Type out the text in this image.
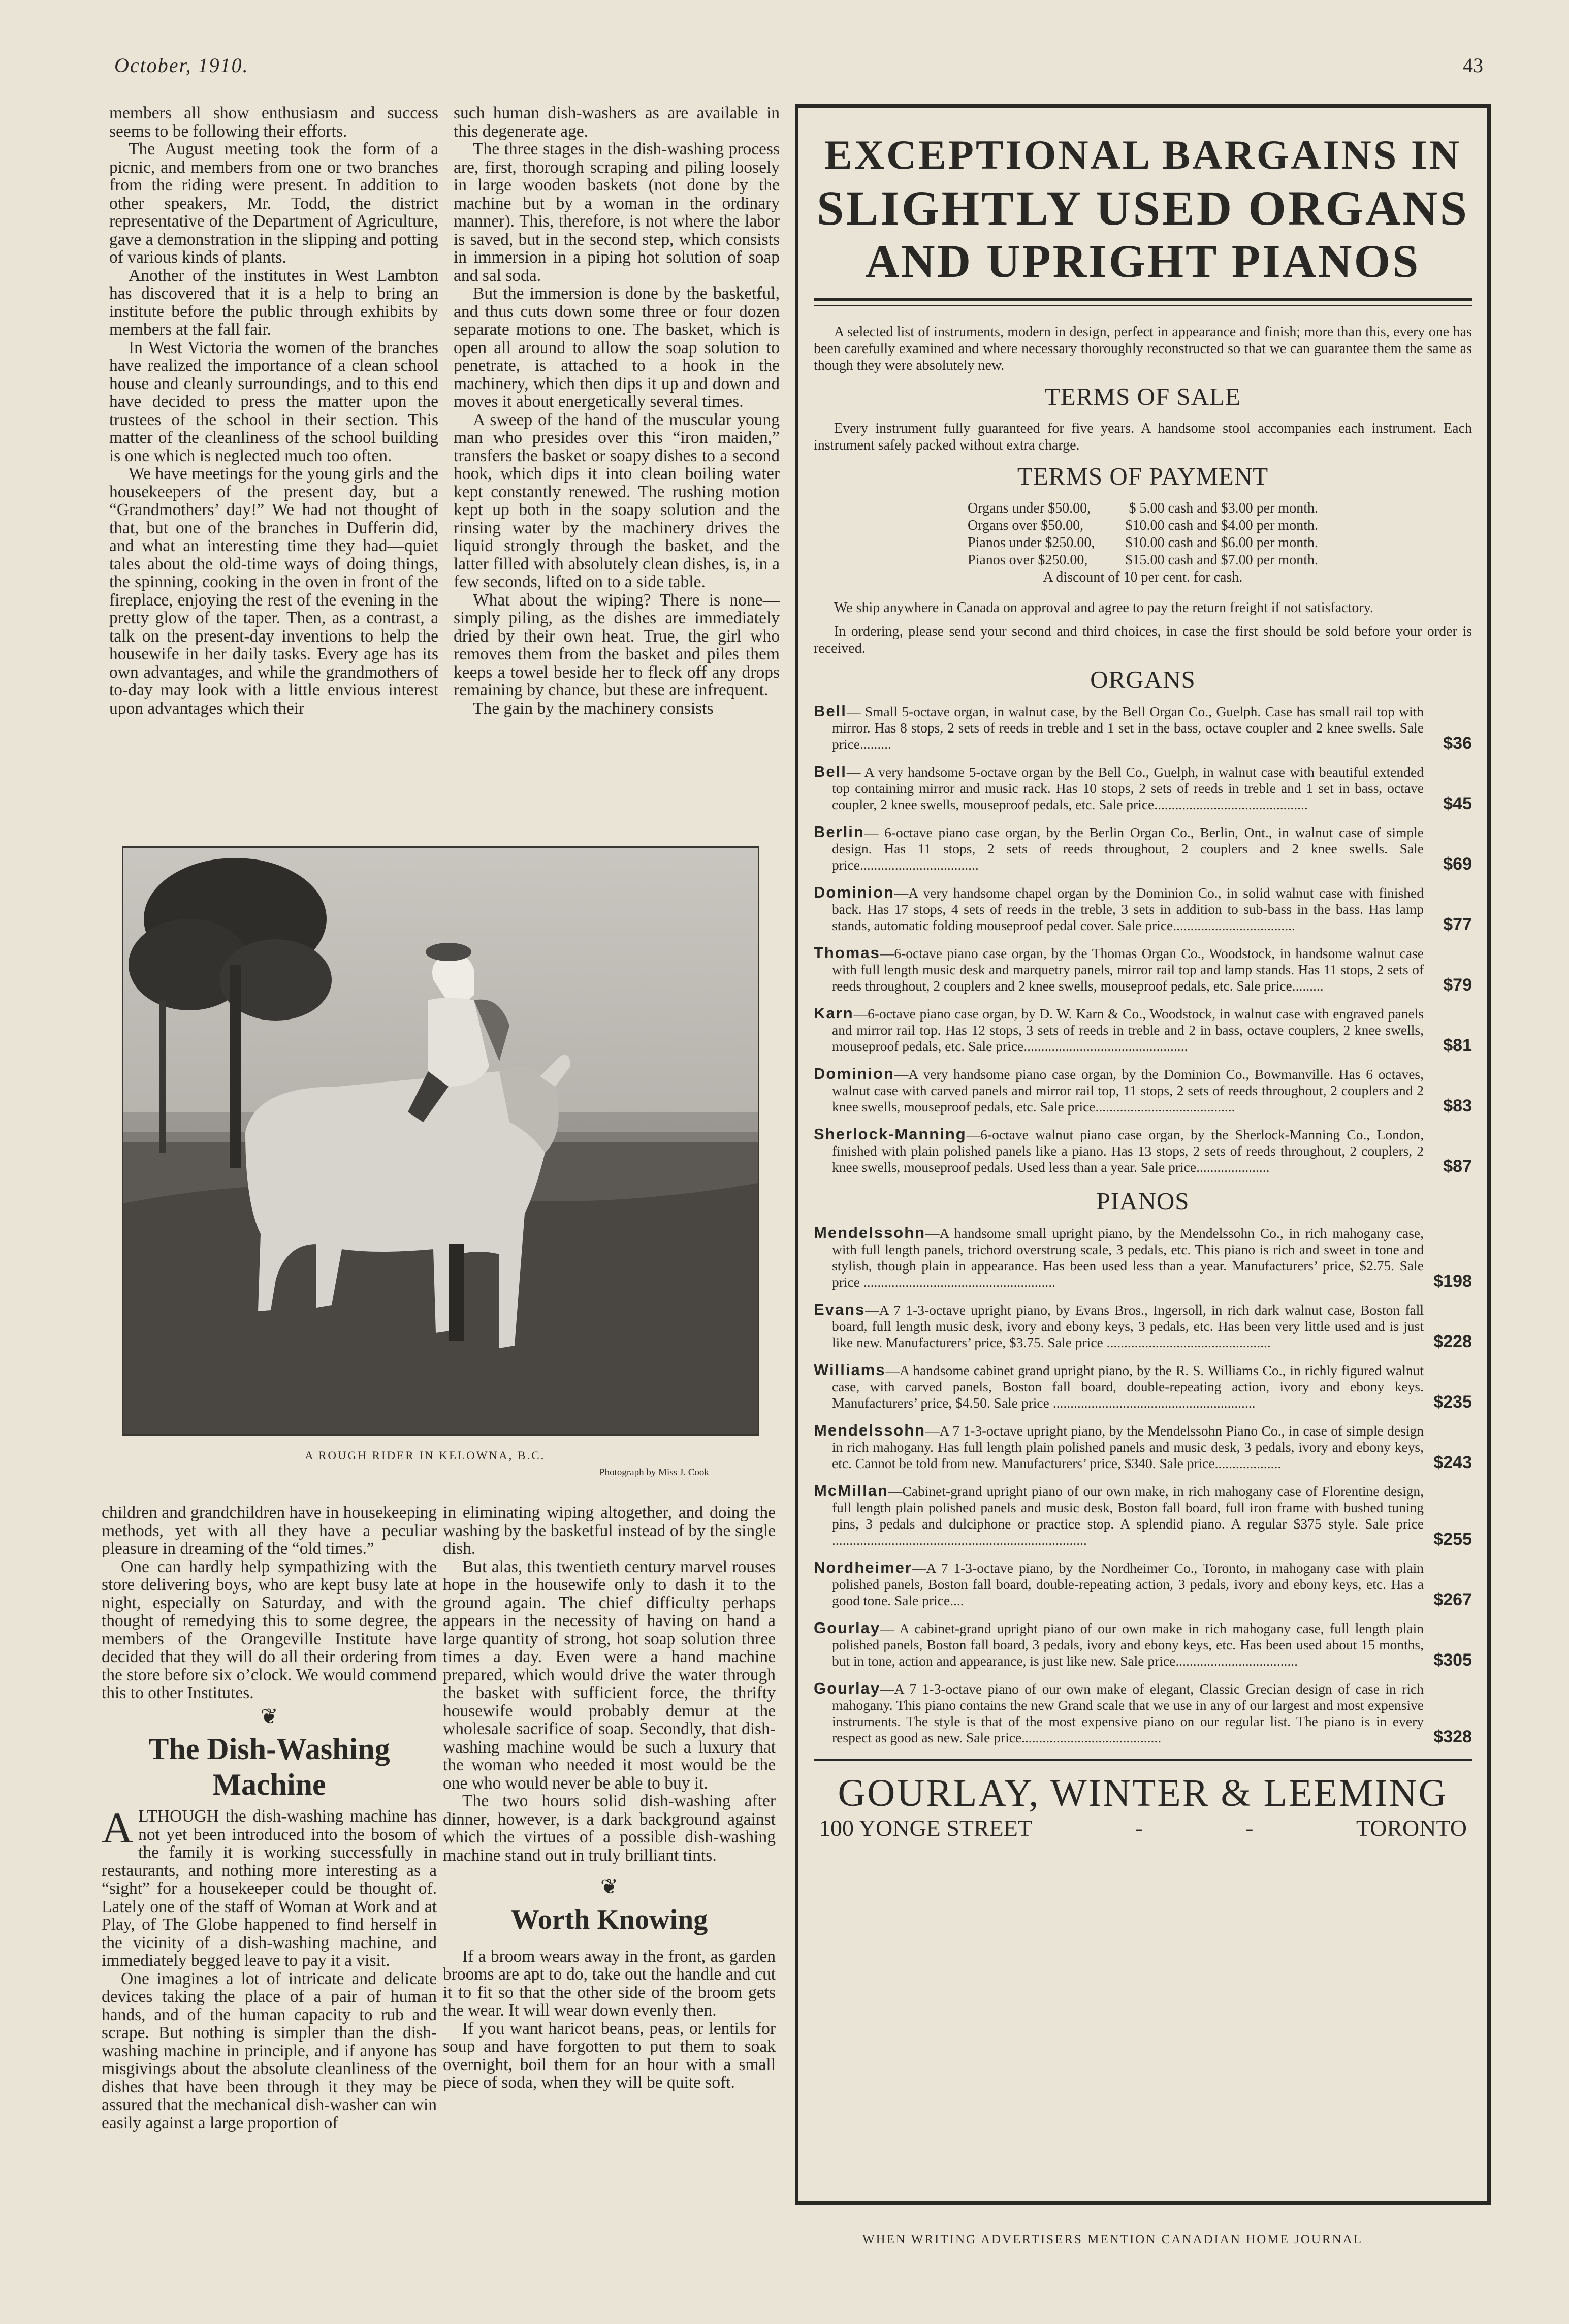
October, 1910.	43

members all show enthusiasm and success seems to be following their efforts.

The August meeting took the form of a picnic, and members from one or two branches from the riding were present. In addition to other speakers, Mr. Todd, the district representative of the Department of Agriculture, gave a demonstration in the slipping and potting of various kinds of plants.

Another of the institutes in West Lambton has discovered that it is a help to bring an institute before the public through exhibits by members at the fall fair.

In West Victoria the women of the branches have realized the importance of a clean school house and cleanly surroundings, and to this end have decided to press the matter upon the trustees of the school in their section. This matter of the cleanliness of the school building is one which is neglected much too often.

We have meetings for the young girls and the housekeepers of the present day, but a “Grandmothers’ day!” We had not thought of that, but one of the branches in Dufferin did, and what an interesting time they had—quiet tales about the old-time ways of doing things, the spinning, cooking in the oven in front of the fireplace, enjoying the rest of the evening in the pretty glow of the taper. Then, as a contrast, a talk on the present-day inventions to help the housewife in her daily tasks. Every age has its own advantages, and while the grandmothers of to-day may look with a little envious interest upon advantages which their

such human dish-washers as are available in this degenerate age.

The three stages in the dish-washing process are, first, thorough scraping and piling loosely in large wooden baskets (not done by the machine but by a woman in the ordinary manner). This, therefore, is not where the labor is saved, but in the second step, which consists in immersion in a piping hot solution of soap and sal soda.

But the immersion is done by the basketful, and thus cuts down some three or four dozen separate motions to one. The basket, which is open all around to allow the soap solution to penetrate, is attached to a hook in the machinery, which then dips it up and down and moves it about energetically several times.

A sweep of the hand of the muscular young man who presides over this “iron maiden,” transfers the basket or soapy dishes to a second hook, which dips it into clean boiling water kept constantly renewed. The rushing motion kept up both in the soapy solution and the rinsing water by the machinery drives the liquid strongly through the basket, and the latter filled with absolutely clean dishes, is, in a few seconds, lifted on to a side table.

What about the wiping? There is none—simply piling, as the dishes are immediately dried by their own heat. True, the girl who removes them from the basket and piles them keeps a towel beside her to fleck off any drops remaining by chance, but these are infrequent.

The gain by the machinery consists

A ROUGH RIDER IN KELOWNA, B.C.
Photograph by Miss J. Cook

children and grandchildren have in housekeeping methods, yet with all they have a peculiar pleasure in dreaming of the “old times.”

One can hardly help sympathizing with the store delivering boys, who are kept busy late at night, especially on Saturday, and with the thought of remedying this to some degree, the members of the Orangeville Institute have decided that they will do all their ordering from the store before six o’clock. We would commend this to other Institutes.

❦
The Dish-Washing Machine

ALTHOUGH the dish-washing machine has not yet been introduced into the bosom of the family it is working successfully in restaurants, and nothing more interesting as a “sight” for a housekeeper could be thought of. Lately one of the staff of Woman at Work and at Play, of The Globe happened to find herself in the vicinity of a dish-washing machine, and immediately begged leave to pay it a visit.

One imagines a lot of intricate and delicate devices taking the place of a pair of human hands, and of the human capacity to rub and scrape. But nothing is simpler than the dish-washing machine in principle, and if anyone has misgivings about the absolute cleanliness of the dishes that have been through it they may be assured that the mechanical dish-washer can win easily against a large proportion of

in eliminating wiping altogether, and doing the washing by the basketful instead of by the single dish.

But alas, this twentieth century marvel rouses hope in the housewife only to dash it to the ground again. The chief difficulty perhaps appears in the necessity of having on hand a large quantity of strong, hot soap solution three times a day. Even were a hand machine prepared, which would drive the water through the basket with sufficient force, the thrifty housewife would probably demur at the wholesale sacrifice of soap. Secondly, that dish-washing machine would be such a luxury that the woman who needed it most would be the one who would never be able to buy it.

The two hours solid dish-washing after dinner, however, is a dark background against which the virtues of a possible dish-washing machine stand out in truly brilliant tints.

❦
Worth Knowing

If a broom wears away in the front, as garden brooms are apt to do, take out the handle and cut it to fit so that the other side of the broom gets the wear. It will wear down evenly then.

If you want haricot beans, peas, or lentils for soup and have forgotten to put them to soak overnight, boil them for an hour with a small piece of soda, when they will be quite soft.

EXCEPTIONAL BARGAINS IN
SLIGHTLY USED ORGANS
AND UPRIGHT PIANOS

A selected list of instruments, modern in design, perfect in appearance and finish; more than this, every one has been carefully examined and where necessary thoroughly reconstructed so that we can guarantee them the same as though they were absolutely new.

TERMS OF SALE

Every instrument fully guaranteed for five years. A handsome stool accompanies each instrument. Each instrument safely packed without extra charge.

TERMS OF PAYMENT
Organs under $50.00,	$ 5.00 cash and $3.00 per month.
Organs over $50.00,	$10.00 cash and $4.00 per month.
Pianos under $250.00, $10.00 cash and $6.00 per month.
Pianos over $250.00,	$15.00 cash and $7.00 per month.
A discount of 10 per cent. for cash.

We ship anywhere in Canada on approval and agree to pay the return freight if not satisfactory.

In ordering, please send your second and third choices, in case the first should be sold before your order is received.

ORGANS
Bell— Small 5-octave organ, in walnut case, by the Bell Organ Co., Guelph. Case has small rail top with mirror. Has 8 stops, 2 sets of reeds in treble and 1 set in the bass, octave coupler and 2 knee swells. Sale price.........	$36
Bell— A very handsome 5-octave organ by the Bell Co., Guelph, in walnut case with beautiful extended top containing mirror and music rack. Has 10 stops, 2 sets of reeds in treble and 1 set in bass, octave coupler, 2 knee swells, mouseproof pedals, etc. Sale price............................................	$45
Berlin— 6-octave piano case organ, by the Berlin Organ Co., Berlin, Ont., in walnut case of simple design. Has 11 stops, 2 sets of reeds throughout, 2 couplers and 2 knee swells. Sale price..................................	$69
Dominion—A very handsome chapel organ by the Dominion Co., in solid walnut case with finished back. Has 17 stops, 4 sets of reeds in the treble, 3 sets in addition to sub-bass in the bass. Has lamp stands, automatic folding mouseproof pedal cover. Sale price...................................	$77
Thomas—6-octave piano case organ, by the Thomas Organ Co., Woodstock, in handsome walnut case with full length music desk and marquetry panels, mirror rail top and lamp stands. Has 11 stops, 2 sets of reeds throughout, 2 couplers and 2 knee swells, mouseproof pedals, etc. Sale price.........	$79
Karn—6-octave piano case organ, by D. W. Karn & Co., Woodstock, in walnut case with engraved panels and mirror rail top. Has 12 stops, 3 sets of reeds in treble and 2 in bass, octave couplers, 2 knee swells, mouseproof pedals, etc. Sale price...............................................	$81
Dominion—A very handsome piano case organ, by the Dominion Co., Bowmanville. Has 6 octaves, walnut case with carved panels and mirror rail top, 11 stops, 2 sets of reeds throughout, 2 couplers and 2 knee swells, mouseproof pedals, etc. Sale price........................................	$83
Sherlock-Manning—6-octave walnut piano case organ, by the Sherlock-Manning Co., London, finished with plain polished panels like a piano. Has 13 stops, 2 sets of reeds throughout, 2 couplers, 2 knee swells, mouseproof pedals. Used less than a year. Sale price.....................	$87
PIANOS
Mendelssohn—A handsome small upright piano, by the Mendelssohn Co., in rich mahogany case, with full length panels, trichord overstrung scale, 3 pedals, etc. This piano is rich and sweet in tone and stylish, though plain in appearance. Has been used less than a year. Manufacturers’ price, $2.75. Sale price .......................................................	$198
Evans—A 7 1-3-octave upright piano, by Evans Bros., Ingersoll, in rich dark walnut case, Boston fall board, full length music desk, ivory and ebony keys, 3 pedals, etc. Has been very little used and is just like new. Manufacturers’ price, $3.75. Sale price ...............................................	$228
Williams—A handsome cabinet grand upright piano, by the R. S. Williams Co., in richly figured walnut case, with carved panels, Boston fall board, double-repeating action, ivory and ebony keys. Manufacturers’ price, $4.50. Sale price ..........................................................	$235
Mendelssohn—A 7 1-3-octave upright piano, by the Mendelssohn Piano Co., in case of simple design in rich mahogany. Has full length plain polished panels and music desk, 3 pedals, ivory and ebony keys, etc. Cannot be told from new. Manufacturers’ price, $340. Sale price...................	$243
McMillan—Cabinet-grand upright piano of our own make, in rich mahogany case of Florentine design, full length plain polished panels and music desk, Boston fall board, full iron frame with bushed tuning pins, 3 pedals and dulciphone or practice stop. A splendid piano. A regular $375 style. Sale price .........................................................................	$255
Nordheimer—A 7 1-3-octave piano, by the Nordheimer Co., Toronto, in mahogany case with plain polished panels, Boston fall board, double-repeating action, 3 pedals, ivory and ebony keys, etc. Has a good tone. Sale price....	$267
Gourlay— A cabinet-grand upright piano of our own make in rich mahogany case, full length plain polished panels, Boston fall board, 3 pedals, ivory and ebony keys, etc. Has been used about 15 months, but in tone, action and appearance, is just like new. Sale price...................................	$305
Gourlay—A 7 1-3-octave piano of our own make of elegant, Classic Grecian design of case in rich mahogany. This piano contains the new Grand scale that we use in any of our largest and most expensive instruments. The style is that of the most expensive piano on our regular list. The piano is in every respect as good as new. Sale price........................................	$328
GOURLAY, WINTER & LEEMING
100 YONGE STREET	-	-	TORONTO
WHEN WRITING ADVERTISERS MENTION CANADIAN HOME JOURNAL
